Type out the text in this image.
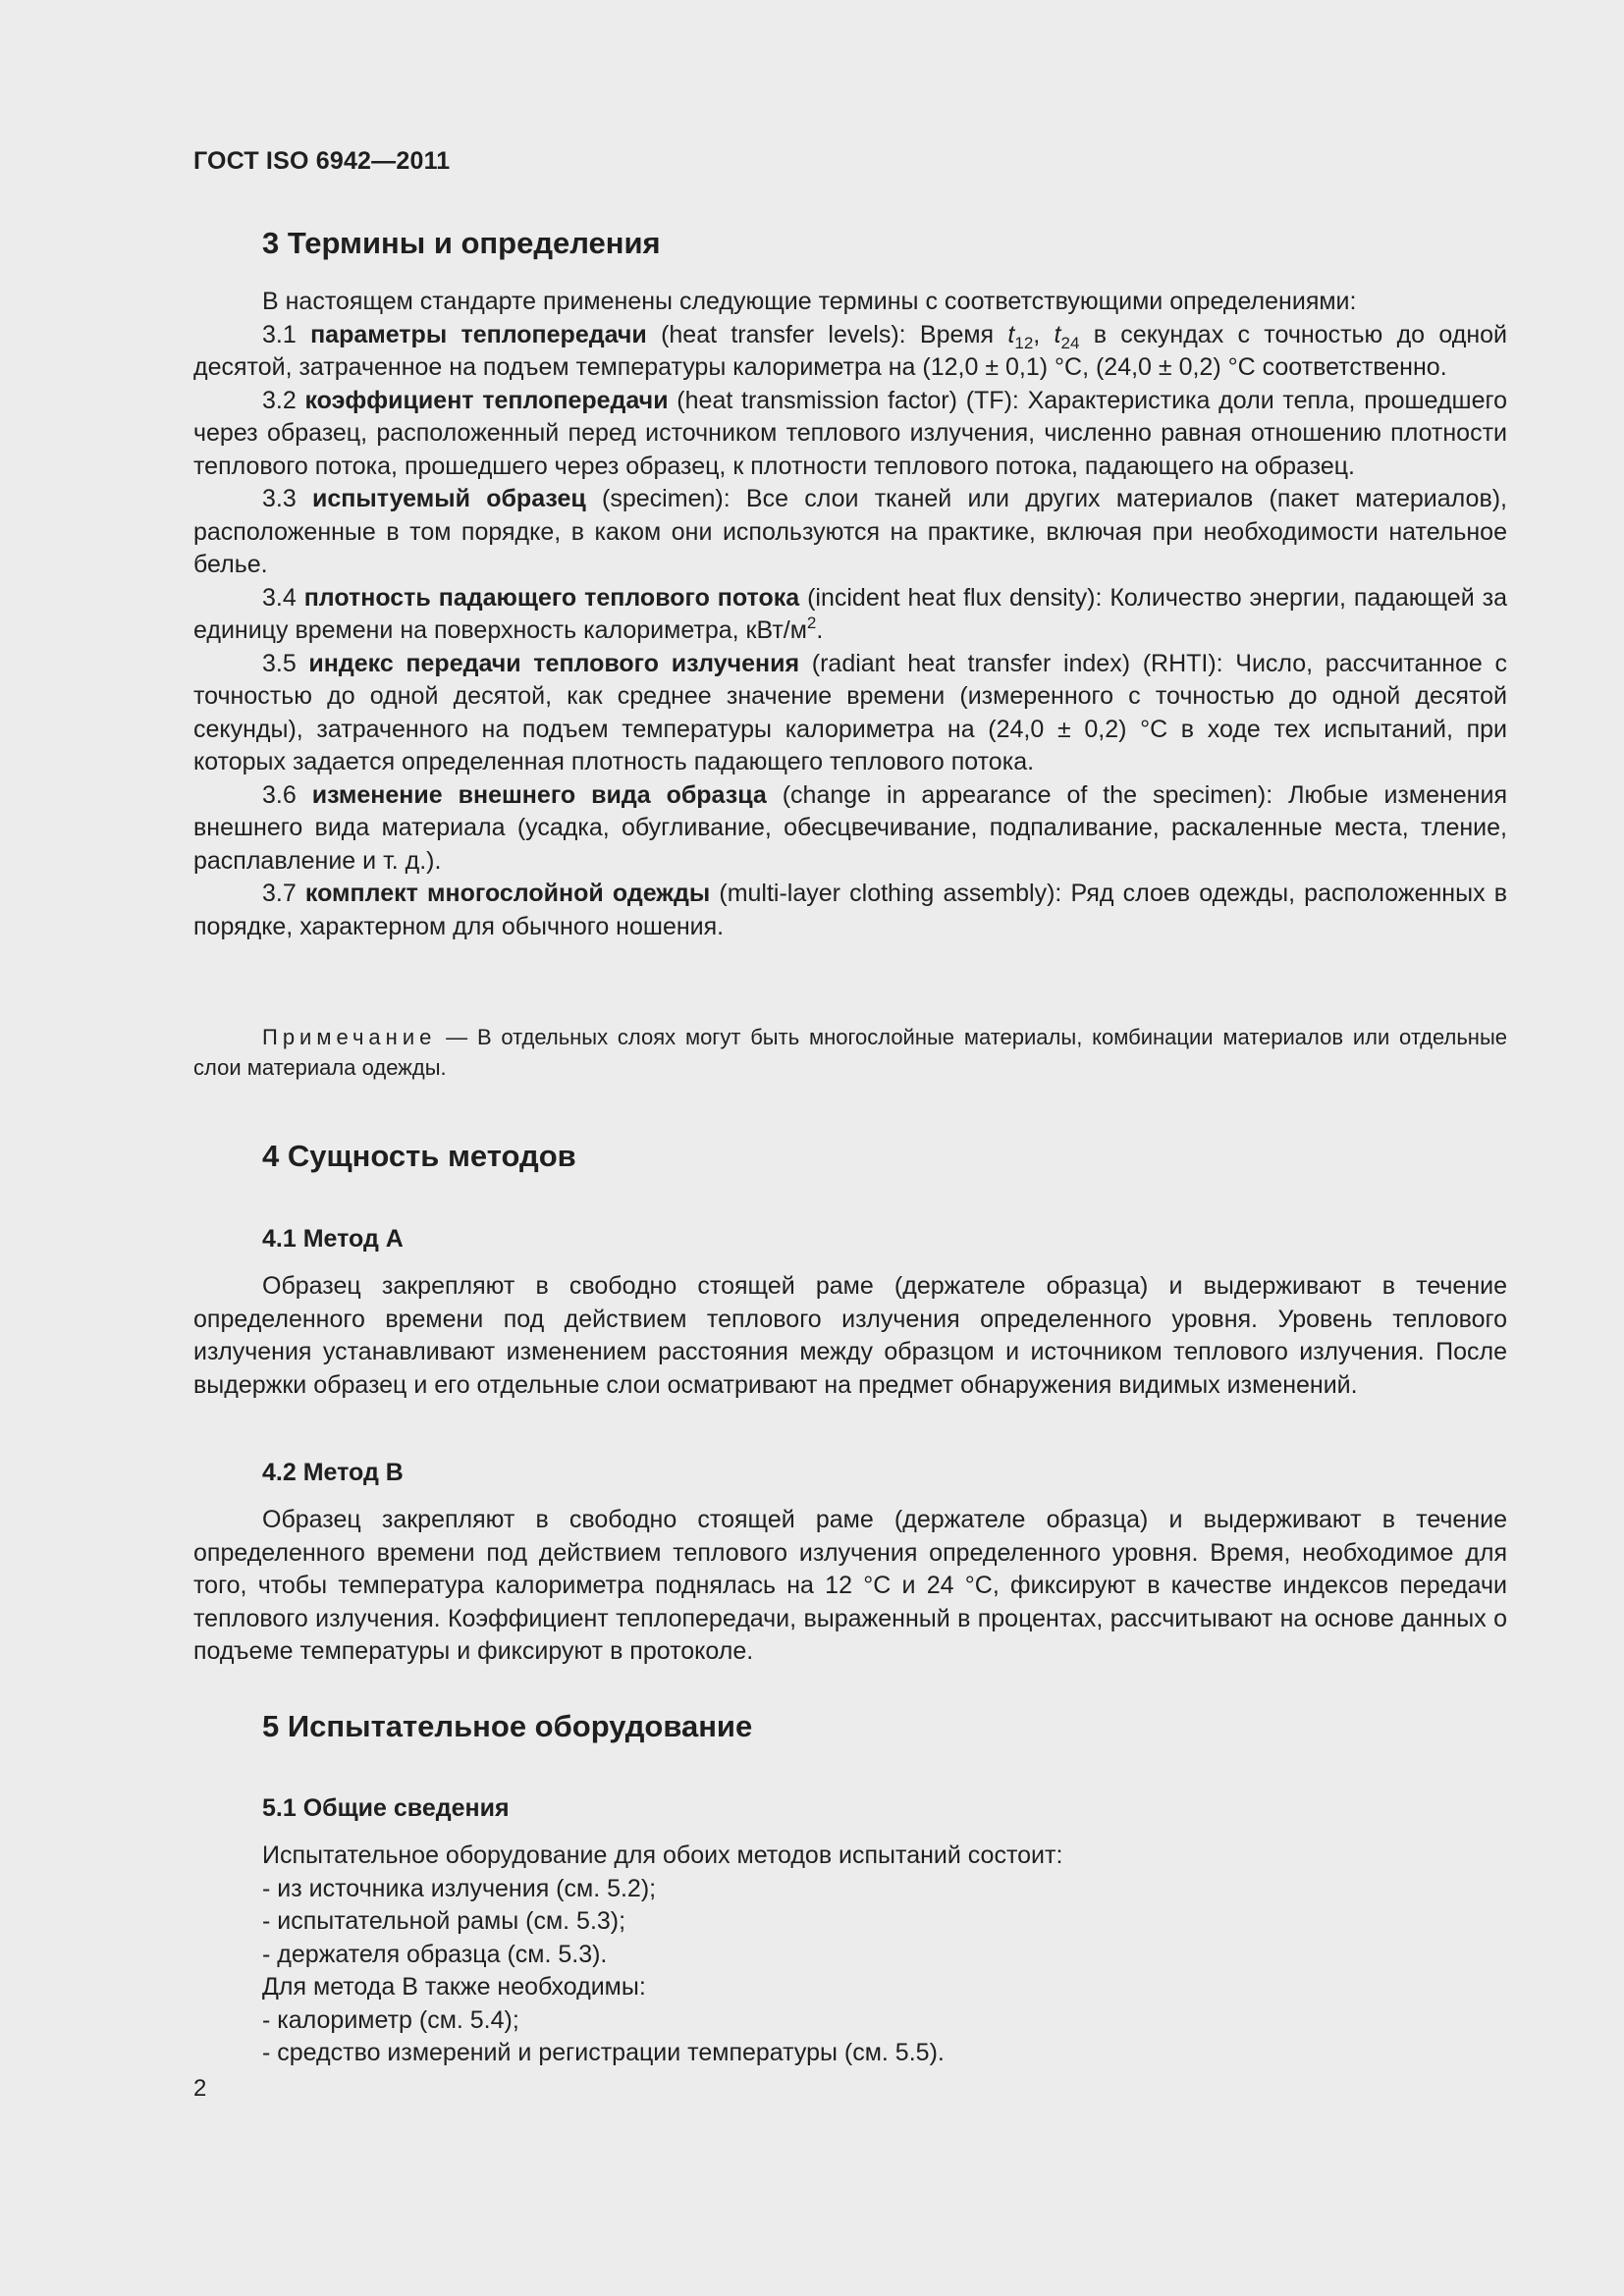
ГОСТ ISO 6942—2011
3 Термины и определения

В настоящем стандарте применены следующие термины с соответствующими определениями:

3.1 параметры теплопередачи (heat transfer levels): Время $t_{12}$, $t_{24}$ в секундах с точностью до одной десятой, затраченное на подъем температуры калориметра на (12,0 ± 0,1) °С, (24,0 ± 0,2) °С соответственно.

3.2 коэффициент теплопередачи (heat transmission factor) (TF): Характеристика доли тепла, прошедшего через образец, расположенный перед источником теплового излучения, численно равная отношению плотности теплового потока, прошедшего через образец, к плотности теплового потока, падающего на образец.

3.3 испытуемый образец (specimen): Все слои тканей или других материалов (пакет материалов), расположенные в том порядке, в каком они используются на практике, включая при необходимости нательное белье.

3.4 плотность падающего теплового потока (incident heat flux density): Количество энергии, падающей за единицу времени на поверхность калориметра, кВт/$м^2$.

3.5 индекс передачи теплового излучения (radiant heat transfer index) (RHTI): Число, рассчитанное с точностью до одной десятой, как среднее значение времени (измеренного с точностью до одной десятой секунды), затраченного на подъем температуры калориметра на (24,0 ± 0,2) °С в ходе тех испытаний, при которых задается определенная плотность падающего теплового потока.

3.6 изменение внешнего вида образца (change in appearance of the specimen): Любые изменения внешнего вида материала (усадка, обугливание, обесцвечивание, подпаливание, раскаленные места, тление, расплавление и т. д.).

3.7 комплект многослойной одежды (multi-layer clothing assembly): Ряд слоев одежды, расположенных в порядке, характерном для обычного ношения.

Примечание — В отдельных слоях могут быть многослойные материалы, комбинации материалов или отдельные слои материала одежды.

4 Сущность методов
4.1 Метод А

Образец закрепляют в свободно стоящей раме (держателе образца) и выдерживают в течение определенного времени под действием теплового излучения определенного уровня. Уровень теплового излучения устанавливают изменением расстояния между образцом и источником теплового излучения. После выдержки образец и его отдельные слои осматривают на предмет обнаружения видимых изменений.

4.2 Метод В

Образец закрепляют в свободно стоящей раме (держателе образца) и выдерживают в течение определенного времени под действием теплового излучения определенного уровня. Время, необходимое для того, чтобы температура калориметра поднялась на 12 °С и 24 °С, фиксируют в качестве индексов передачи теплового излучения. Коэффициент теплопередачи, выраженный в процентах, рассчитывают на основе данных о подъеме температуры и фиксируют в протоколе.

5 Испытательное оборудование
5.1 Общие сведения

Испытательное оборудование для обоих методов испытаний состоит:

- из источника излучения (см. 5.2);

- испытательной рамы (см. 5.3);

- держателя образца (см. 5.3).

Для метода В также необходимы:

- калориметр (см. 5.4);

- средство измерений и регистрации температуры (см. 5.5).

2
